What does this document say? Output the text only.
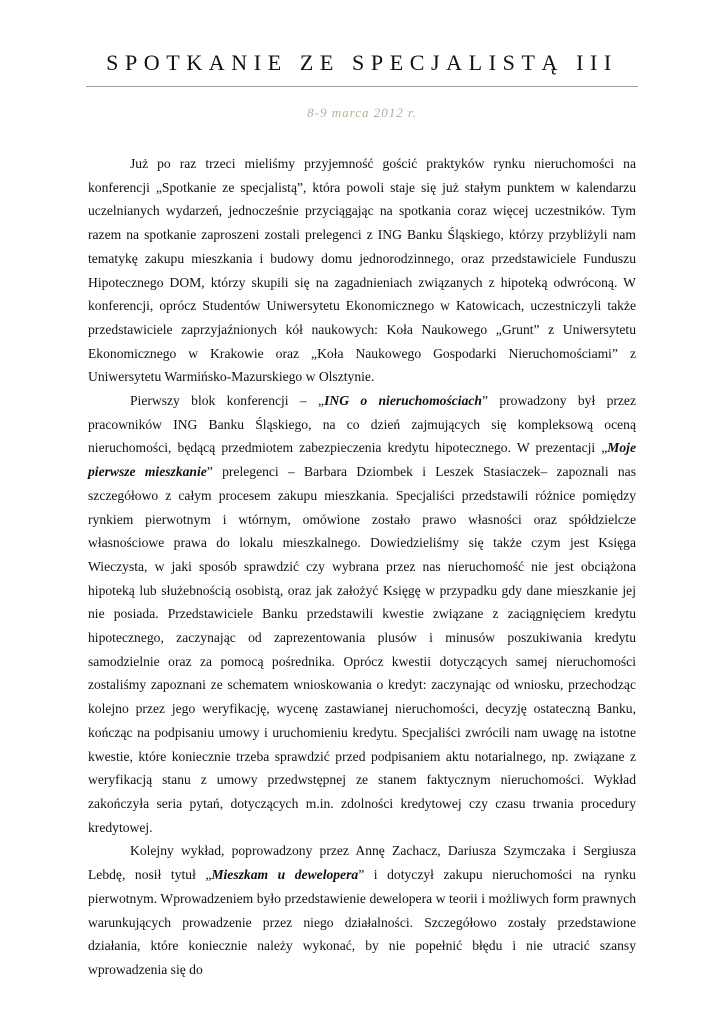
SPOTKANIE ZE SPECJALISTĄ III
8-9 marca 2012 r.

Już po raz trzeci mieliśmy przyjemność gościć praktyków rynku nieruchomości na konferencji „Spotkanie ze specjalistą”, która powoli staje się już stałym punktem w kalendarzu uczelnianych wydarzeń, jednocześnie przyciągając na spotkania coraz więcej uczestników. Tym razem na spotkanie zaproszeni zostali prelegenci z ING Banku Śląskiego, którzy przybliżyli nam tematykę zakupu mieszkania i budowy domu jednorodzinnego, oraz przedstawiciele Funduszu Hipotecznego DOM, którzy skupili się na zagadnieniach związanych z hipoteką odwróconą. W konferencji, oprócz Studentów Uniwersytetu Ekonomicznego w Katowicach, uczestniczyli także przedstawiciele zaprzyjaźnionych kół naukowych: Koła Naukowego „Grunt” z Uniwersytetu Ekonomicznego w Krakowie oraz „Koła Naukowego Gospodarki Nieruchomościami” z Uniwersytetu Warmińsko-Mazurskiego w Olsztynie.

Pierwszy blok konferencji – „ING o nieruchomościach” prowadzony był przez pracowników ING Banku Śląskiego, na co dzień zajmujących się kompleksową oceną nieruchomości, będącą przedmiotem zabezpieczenia kredytu hipotecznego. W prezentacji „Moje pierwsze mieszkanie” prelegenci – Barbara Dziombek i Leszek Stasiaczek– zapoznali nas szczegółowo z całym procesem zakupu mieszkania. Specjaliści przedstawili różnice pomiędzy rynkiem pierwotnym i wtórnym, omówione zostało prawo własności oraz spółdzielcze własnościowe prawa do lokalu mieszkalnego. Dowiedzieliśmy się także czym jest Księga Wieczysta, w jaki sposób sprawdzić czy wybrana przez nas nieruchomość nie jest obciążona hipoteką lub służebnością osobistą, oraz jak założyć Księgę w przypadku gdy dane mieszkanie jej nie posiada. Przedstawiciele Banku przedstawili kwestie związane z zaciągnięciem kredytu hipotecznego, zaczynając od zaprezentowania plusów i minusów poszukiwania kredytu samodzielnie oraz za pomocą pośrednika. Oprócz kwestii dotyczących samej nieruchomości zostaliśmy zapoznani ze schematem wnioskowania o kredyt: zaczynając od wniosku, przechodząc kolejno przez jego weryfikację, wycenę zastawianej nieruchomości, decyzję ostateczną Banku, kończąc na podpisaniu umowy i uruchomieniu kredytu. Specjaliści zwrócili nam uwagę na istotne kwestie, które koniecznie trzeba sprawdzić przed podpisaniem aktu notarialnego, np. związane z weryfikacją stanu z umowy przedwstępnej ze stanem faktycznym nieruchomości. Wykład zakończyła seria pytań, dotyczących m.in. zdolności kredytowej czy czasu trwania procedury kredytowej.

Kolejny wykład, poprowadzony przez Annę Zachacz, Dariusza Szymczaka i Sergiusza Lebdę, nosił tytuł „Mieszkam u dewelopera” i dotyczył zakupu nieruchomości na rynku pierwotnym. Wprowadzeniem było przedstawienie dewelopera w teorii i możliwych form prawnych warunkujących prowadzenie przez niego działalności. Szczegółowo zostały przedstawione działania, które koniecznie należy wykonać, by nie popełnić błędu i nie utracić szansy wprowadzenia się do
